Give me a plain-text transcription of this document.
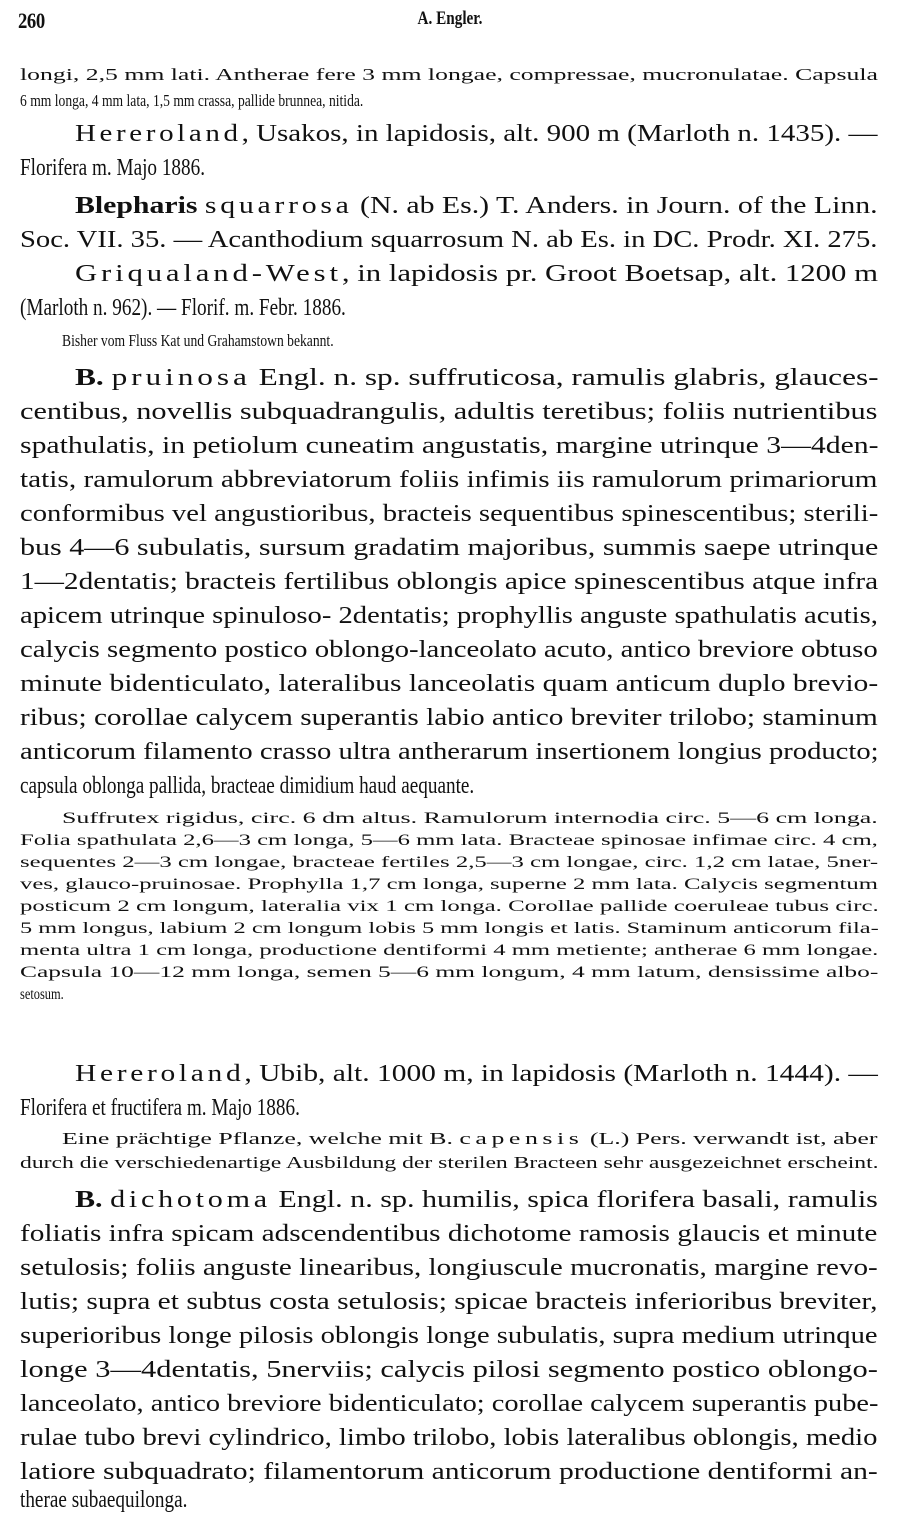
260	A. Engler.
longi, 2,5 mm lati. Antherae fere 3 mm longae, compressae, mucronulatae. Capsula
6 mm longa, 4 mm lata, 1,5 mm crassa, pallide brunnea, nitida.
Hereroland, Usakos, in lapidosis, alt. 900 m (Marloth n. 1435). —
Florifera m. Majo 1886.
Blepharis squarrosa (N. ab Es.) T. Anders. in Journ. of the Linn.
Soc. VII. 35. — Acanthodium squarrosum N. ab Es. in DC. Prodr. XI. 275.
Griqualand-West, in lapidosis pr. Groot Boetsap, alt. 1200 m
(Marloth n. 962). — Florif. m. Febr. 1886.
Bisher vom Fluss Kat und Grahamstown bekannt.
B. pruinosa Engl. n. sp. suffruticosa, ramulis glabris, glauces-
centibus, novellis subquadrangulis, adultis teretibus; foliis nutrientibus
spathulatis, in petiolum cuneatim angustatis, margine utrinque 3—4den-
tatis, ramulorum abbreviatorum foliis infimis iis ramulorum primariorum
conformibus vel angustioribus, bracteis sequentibus spinescentibus; sterili-
bus 4—6 subulatis, sursum gradatim majoribus, summis saepe utrinque
1—2dentatis; bracteis fertilibus oblongis apice spinescentibus atque infra
apicem utrinque spinuloso- 2dentatis; prophyllis anguste spathulatis acutis,
calycis segmento postico oblongo-lanceolato acuto, antico breviore obtuso
minute bidenticulato, lateralibus lanceolatis quam anticum duplo brevio-
ribus; corollae calycem superantis labio antico breviter trilobo; staminum
anticorum filamento crasso ultra antherarum insertionem longius producto;
capsula oblonga pallida, bracteae dimidium haud aequante.
Suffrutex rigidus, circ. 6 dm altus. Ramulorum internodia circ. 5—6 cm longa.
Folia spathulata 2,6—3 cm longa, 5—6 mm lata. Bracteae spinosae infimae circ. 4 cm,
sequentes 2—3 cm longae, bracteae fertiles 2,5—3 cm longae, circ. 1,2 cm latae, 5ner-
ves, glauco-pruinosae. Prophylla 1,7 cm longa, superne 2 mm lata. Calycis segmentum
posticum 2 cm longum, lateralia vix 1 cm longa. Corollae pallide coeruleae tubus circ.
5 mm longus, labium 2 cm longum lobis 5 mm longis et latis. Staminum anticorum fila-
menta ultra 1 cm longa, productione dentiformi 4 mm metiente; antherae 6 mm longae.
Capsula 10—12 mm longa, semen 5—6 mm longum, 4 mm latum, densissime albo-
setosum.
Hereroland, Ubib, alt. 1000 m, in lapidosis (Marloth n. 1444). —
Florifera et fructifera m. Majo 1886.
Eine prächtige Pflanze, welche mit B. capensis (L.) Pers. verwandt ist, aber
durch die verschiedenartige Ausbildung der sterilen Bracteen sehr ausgezeichnet erscheint.
B. dichotoma Engl. n. sp. humilis, spica florifera basali, ramulis
foliatis infra spicam adscendentibus dichotome ramosis glaucis et minute
setulosis; foliis anguste linearibus, longiuscule mucronatis, margine revo-
lutis; supra et subtus costa setulosis; spicae bracteis inferioribus breviter,
superioribus longe pilosis oblongis longe subulatis, supra medium utrinque
longe 3—4dentatis, 5nerviis; calycis pilosi segmento postico oblongo-
lanceolato, antico breviore bidenticulato; corollae calycem superantis pube-
rulae tubo brevi cylindrico, limbo trilobo, lobis lateralibus oblongis, medio
latiore subquadrato; filamentorum anticorum productione dentiformi an-
therae subaequilonga.
